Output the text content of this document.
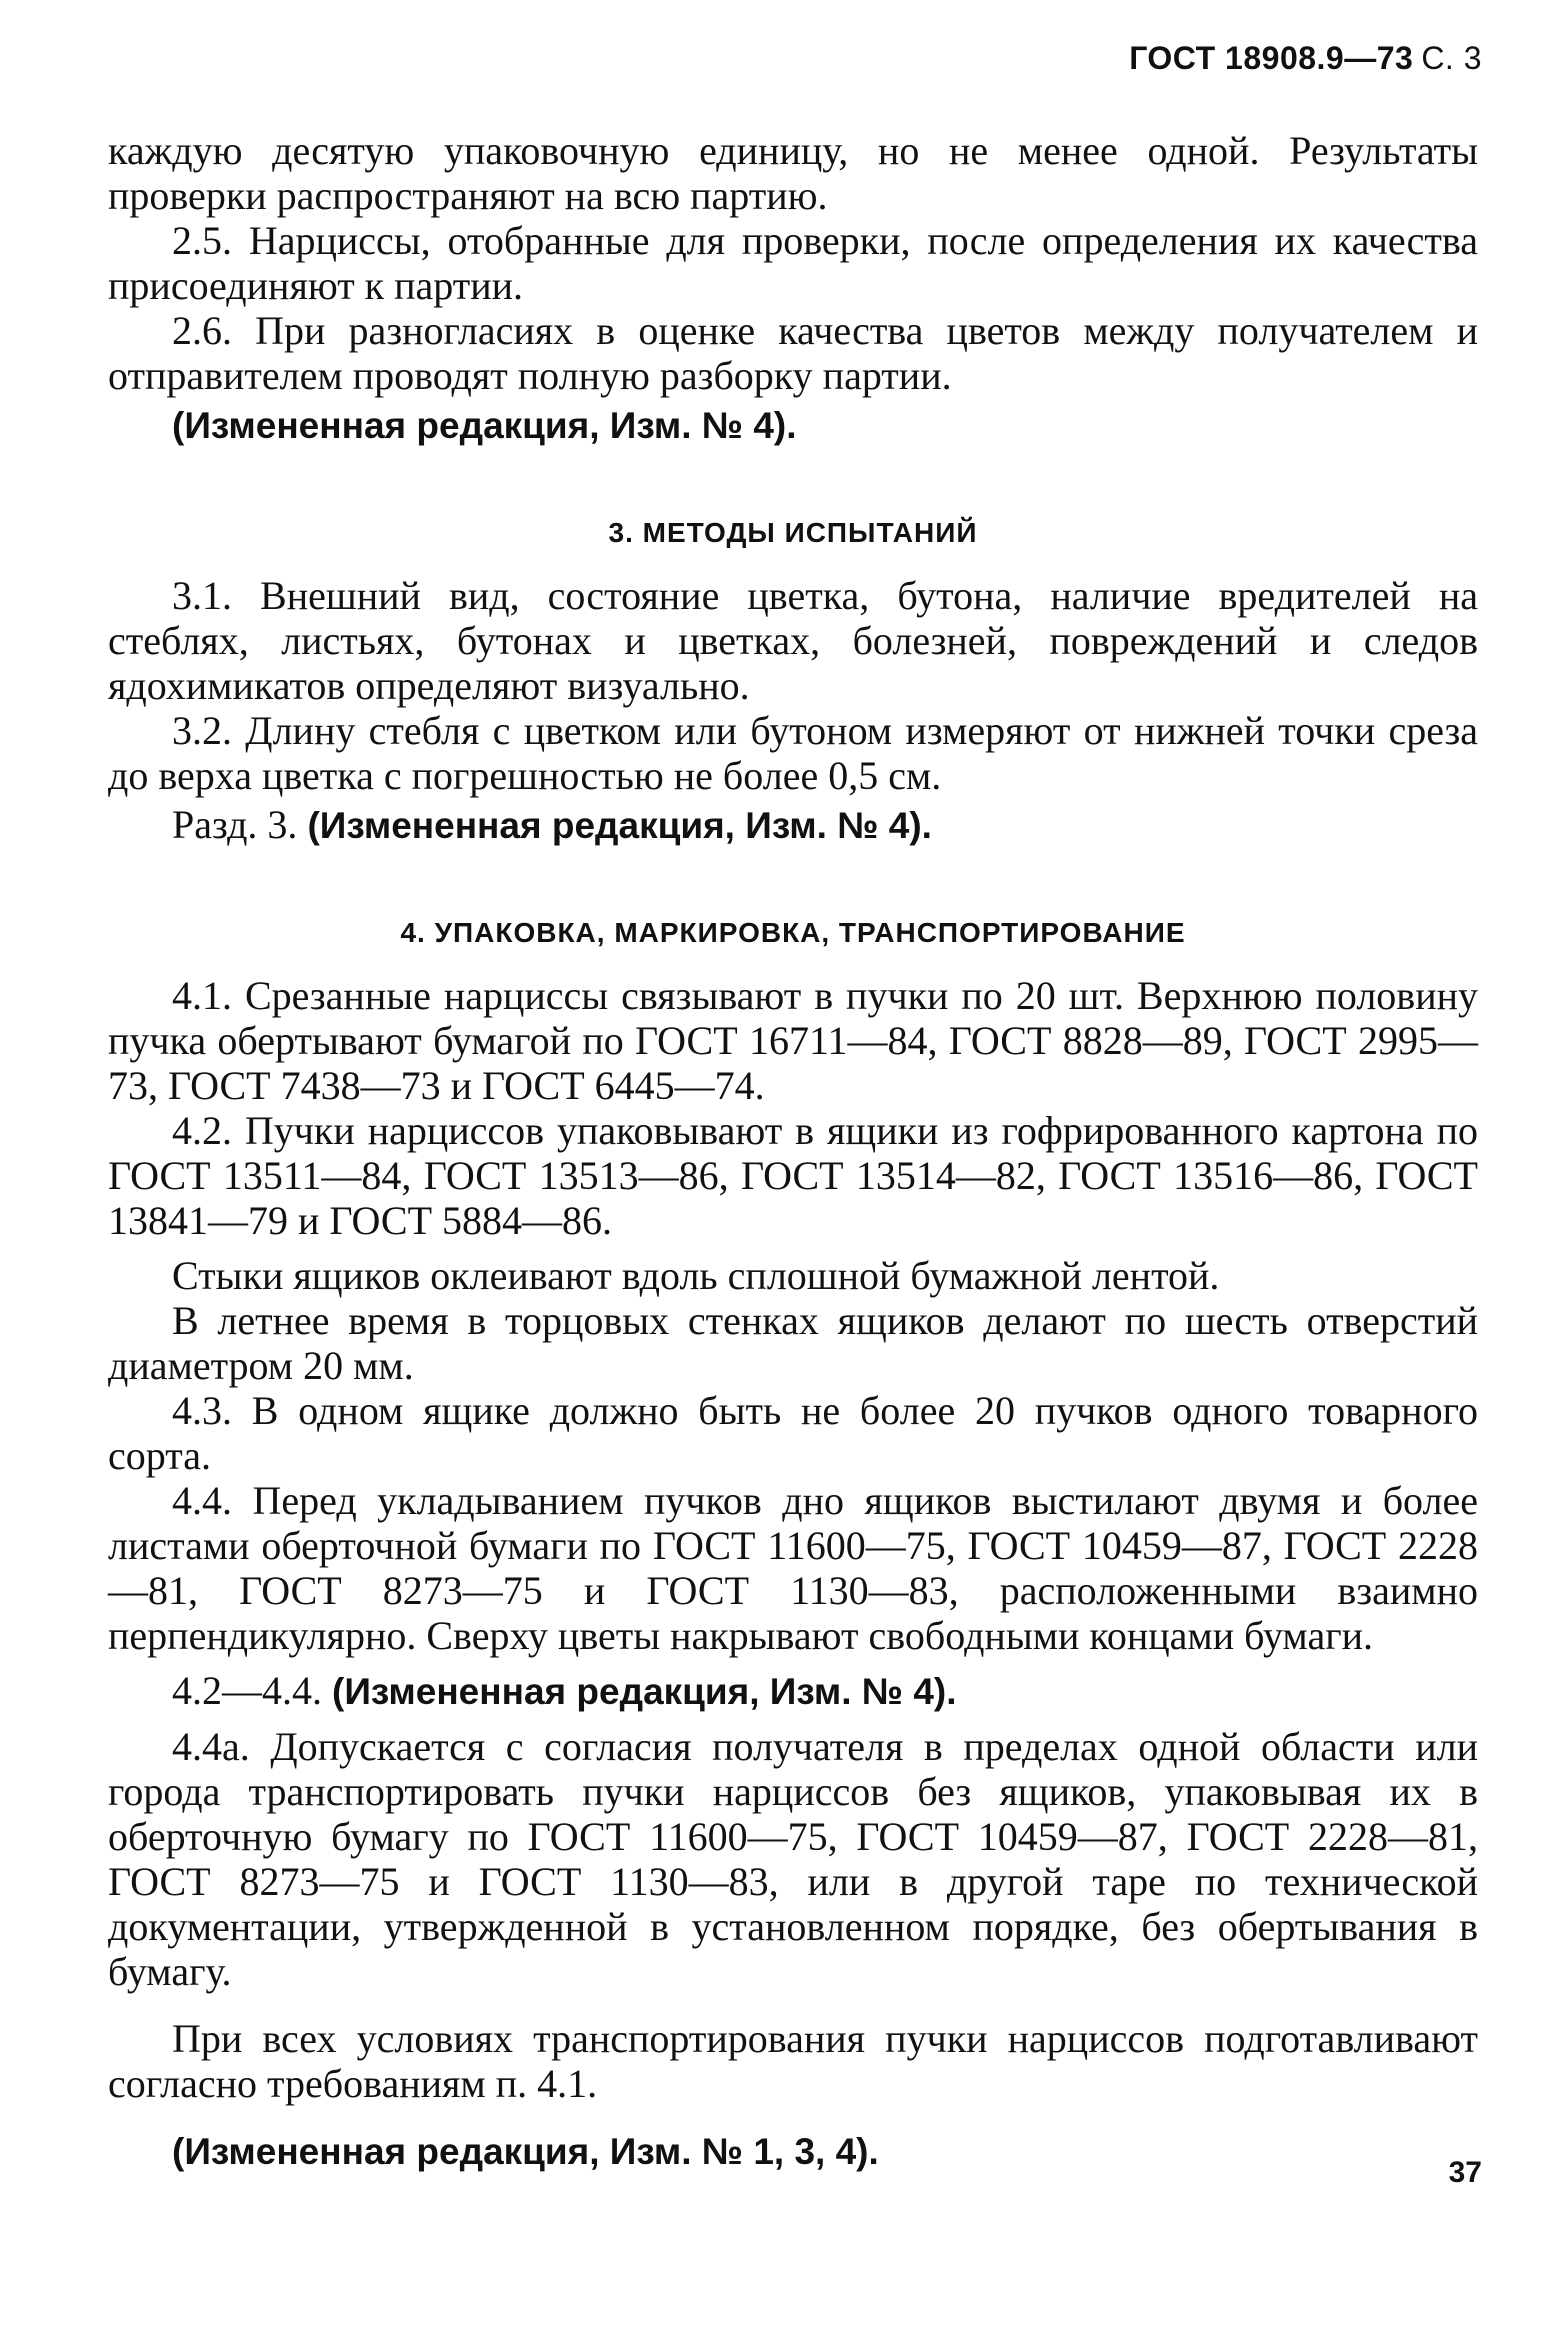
ГОСТ 18908.9—73 С. 3

каждую десятую упаковочную единицу, но не менее одной. Результаты проверки распространяют на всю партию.

2.5. Нарциссы, отобранные для проверки, после определения их качества присоединяют к партии.

2.6. При разногласиях в оценке качества цветов между получателем и отправителем проводят полную разборку партии.

(Измененная редакция, Изм. № 4).

3. МЕТОДЫ ИСПЫТАНИЙ

3.1. Внешний вид, состояние цветка, бутона, наличие вредителей на стеблях, листьях, бутонах и цветках, болезней, повреждений и следов ядохимикатов определяют визуально.

3.2. Длину стебля с цветком или бутоном измеряют от нижней точки среза до верха цветка с погрешностью не более 0,5 см.

Разд. 3. (Измененная редакция, Изм. № 4).

4. УПАКОВКА, МАРКИРОВКА, ТРАНСПОРТИРОВАНИЕ

4.1. Срезанные нарциссы связывают в пучки по 20 шт. Верхнюю половину пучка обертывают бумагой по ГОСТ 16711—84, ГОСТ 8828—89, ГОСТ 2995—73, ГОСТ 7438—73 и ГОСТ 6445—74.

4.2. Пучки нарциссов упаковывают в ящики из гофрированного картона по ГОСТ 13511—84, ГОСТ 13513—86, ГОСТ 13514—82, ГОСТ 13516—86, ГОСТ 13841—79 и ГОСТ 5884—86.

Стыки ящиков оклеивают вдоль сплошной бумажной лентой.

В летнее время в торцовых стенках ящиков делают по шесть отверстий диаметром 20 мм.

4.3. В одном ящике должно быть не более 20 пучков одного товарного сорта.

4.4. Перед укладыванием пучков дно ящиков выстилают двумя и более листами оберточной бумаги по ГОСТ 11600—75, ГОСТ 10459—87, ГОСТ 2228—81, ГОСТ 8273—75 и ГОСТ 1130—83, расположенными взаимно перпендикулярно. Сверху цветы накрывают свободными концами бумаги.

4.2—4.4. (Измененная редакция, Изм. № 4).

4.4а. Допускается с согласия получателя в пределах одной области или города транспортировать пучки нарциссов без ящиков, упаковывая их в оберточную бумагу по ГОСТ 11600—75, ГОСТ 10459—87, ГОСТ 2228—81, ГОСТ 8273—75 и ГОСТ 1130—83, или в другой таре по технической документации, утвержденной в установленном порядке, без обертывания в бумагу.

При всех условиях транспортирования пучки нарциссов подготавливают согласно требованиям п. 4.1.

(Измененная редакция, Изм. № 1, 3, 4).

37
